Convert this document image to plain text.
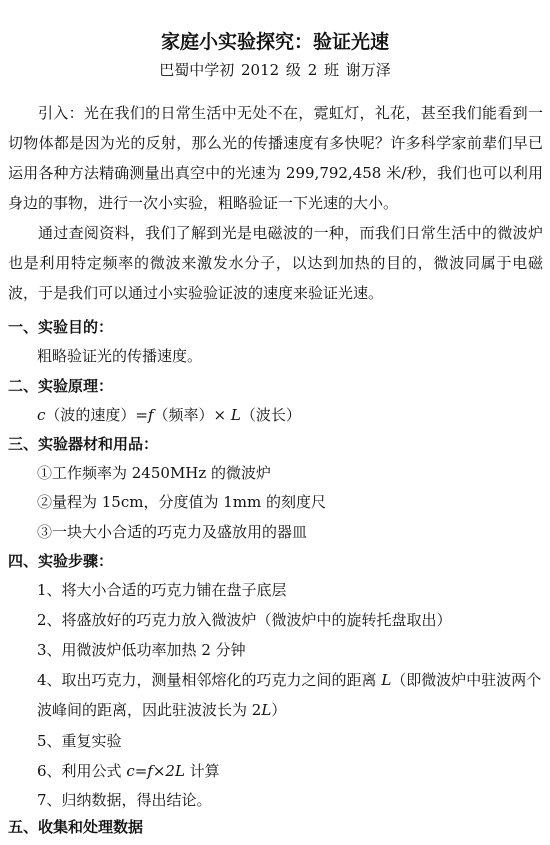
家庭小实验探究：验证光速
巴蜀中学初 2012 级 2 班 谢万泽
引入：光在我们的日常生活中无处不在，霓虹灯，礼花，甚至我们能看到一切物体都是因为光的反射，那么光的传播速度有多快呢？许多科学家前辈们早已运用各种方法精确测量出真空中的光速为 299,792,458 米/秒，我们也可以利用身边的事物，进行一次小实验，粗略验证一下光速的大小。
通过查阅资料，我们了解到光是电磁波的一种，而我们日常生活中的微波炉也是利用特定频率的微波来激发水分子，以达到加热的目的，微波同属于电磁波，于是我们可以通过小实验验证波的速度来验证光速。
一、实验目的：
粗略验证光的传播速度。
二、实验原理：
c（波的速度）=f（频率）× L（波长）
三、实验器材和用品：
①工作频率为 2450MHz 的微波炉
②量程为 15cm，分度值为 1mm 的刻度尺
③一块大小合适的巧克力及盛放用的器皿
四、实验步骤：
1、将大小合适的巧克力铺在盘子底层
2、将盛放好的巧克力放入微波炉（微波炉中的旋转托盘取出）
3、用微波炉低功率加热 2 分钟
4、取出巧克力，测量相邻熔化的巧克力之间的距离 L（即微波炉中驻波两个波峰间的距离，因此驻波波长为 2L）
5、重复实验
6、利用公式 c=f×2L 计算
7、归纳数据，得出结论。
五、收集和处理数据
